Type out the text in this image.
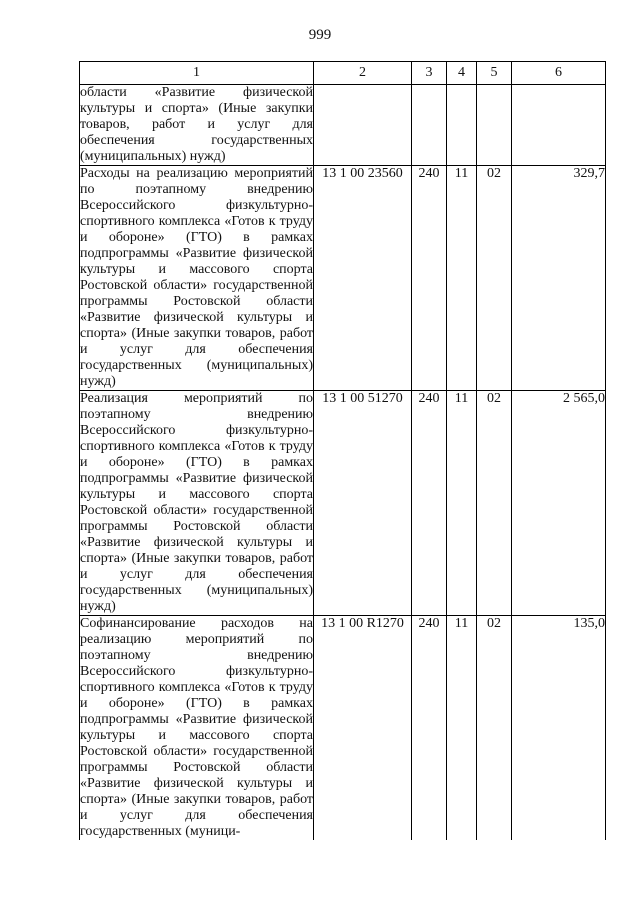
999
1	2	3	4	5	6
области «Развитие физической культуры и спорта» (Иные закупки товаров, работ и услуг для обеспечения государственных (муниципальных) нужд)					
Расходы на реализацию мероприятий по поэтапному внедрению Всероссийского физкультурно-спортивного комплекса «Готов к труду и обороне» (ГТО) в рамках подпрограммы «Развитие физической культуры и массового спорта Ростовской области» государственной программы Ростовской области «Развитие физической культуры и спорта» (Иные закупки товаров, работ и услуг для обеспечения государственных (муниципальных) нужд)	13 1 00 23560	240	11	02	329,7
Реализация мероприятий по поэтапному внедрению Всероссийского физкультурно-спортивного комплекса «Готов к труду и обороне» (ГТО) в рамках подпрограммы «Развитие физической культуры и массового спорта Ростовской области» государственной программы Ростовской области «Развитие физической культуры и спорта» (Иные закупки товаров, работ и услуг для обеспечения государственных (муниципальных) нужд)	13 1 00 51270	240	11	02	2 565,0
Софинансирование расходов на реализацию мероприятий по поэтапному внедрению Всероссийского физкультурно-спортивного комплекса «Готов к труду и обороне» (ГТО) в рамках подпрограммы «Развитие физической культуры и массового спорта Ростовской области» государственной программы Ростовской области «Развитие физической культуры и спорта» (Иные закупки товаров, работ и услуг для обеспечения государственных (муници-	13 1 00 R1270	240	11	02	135,0
